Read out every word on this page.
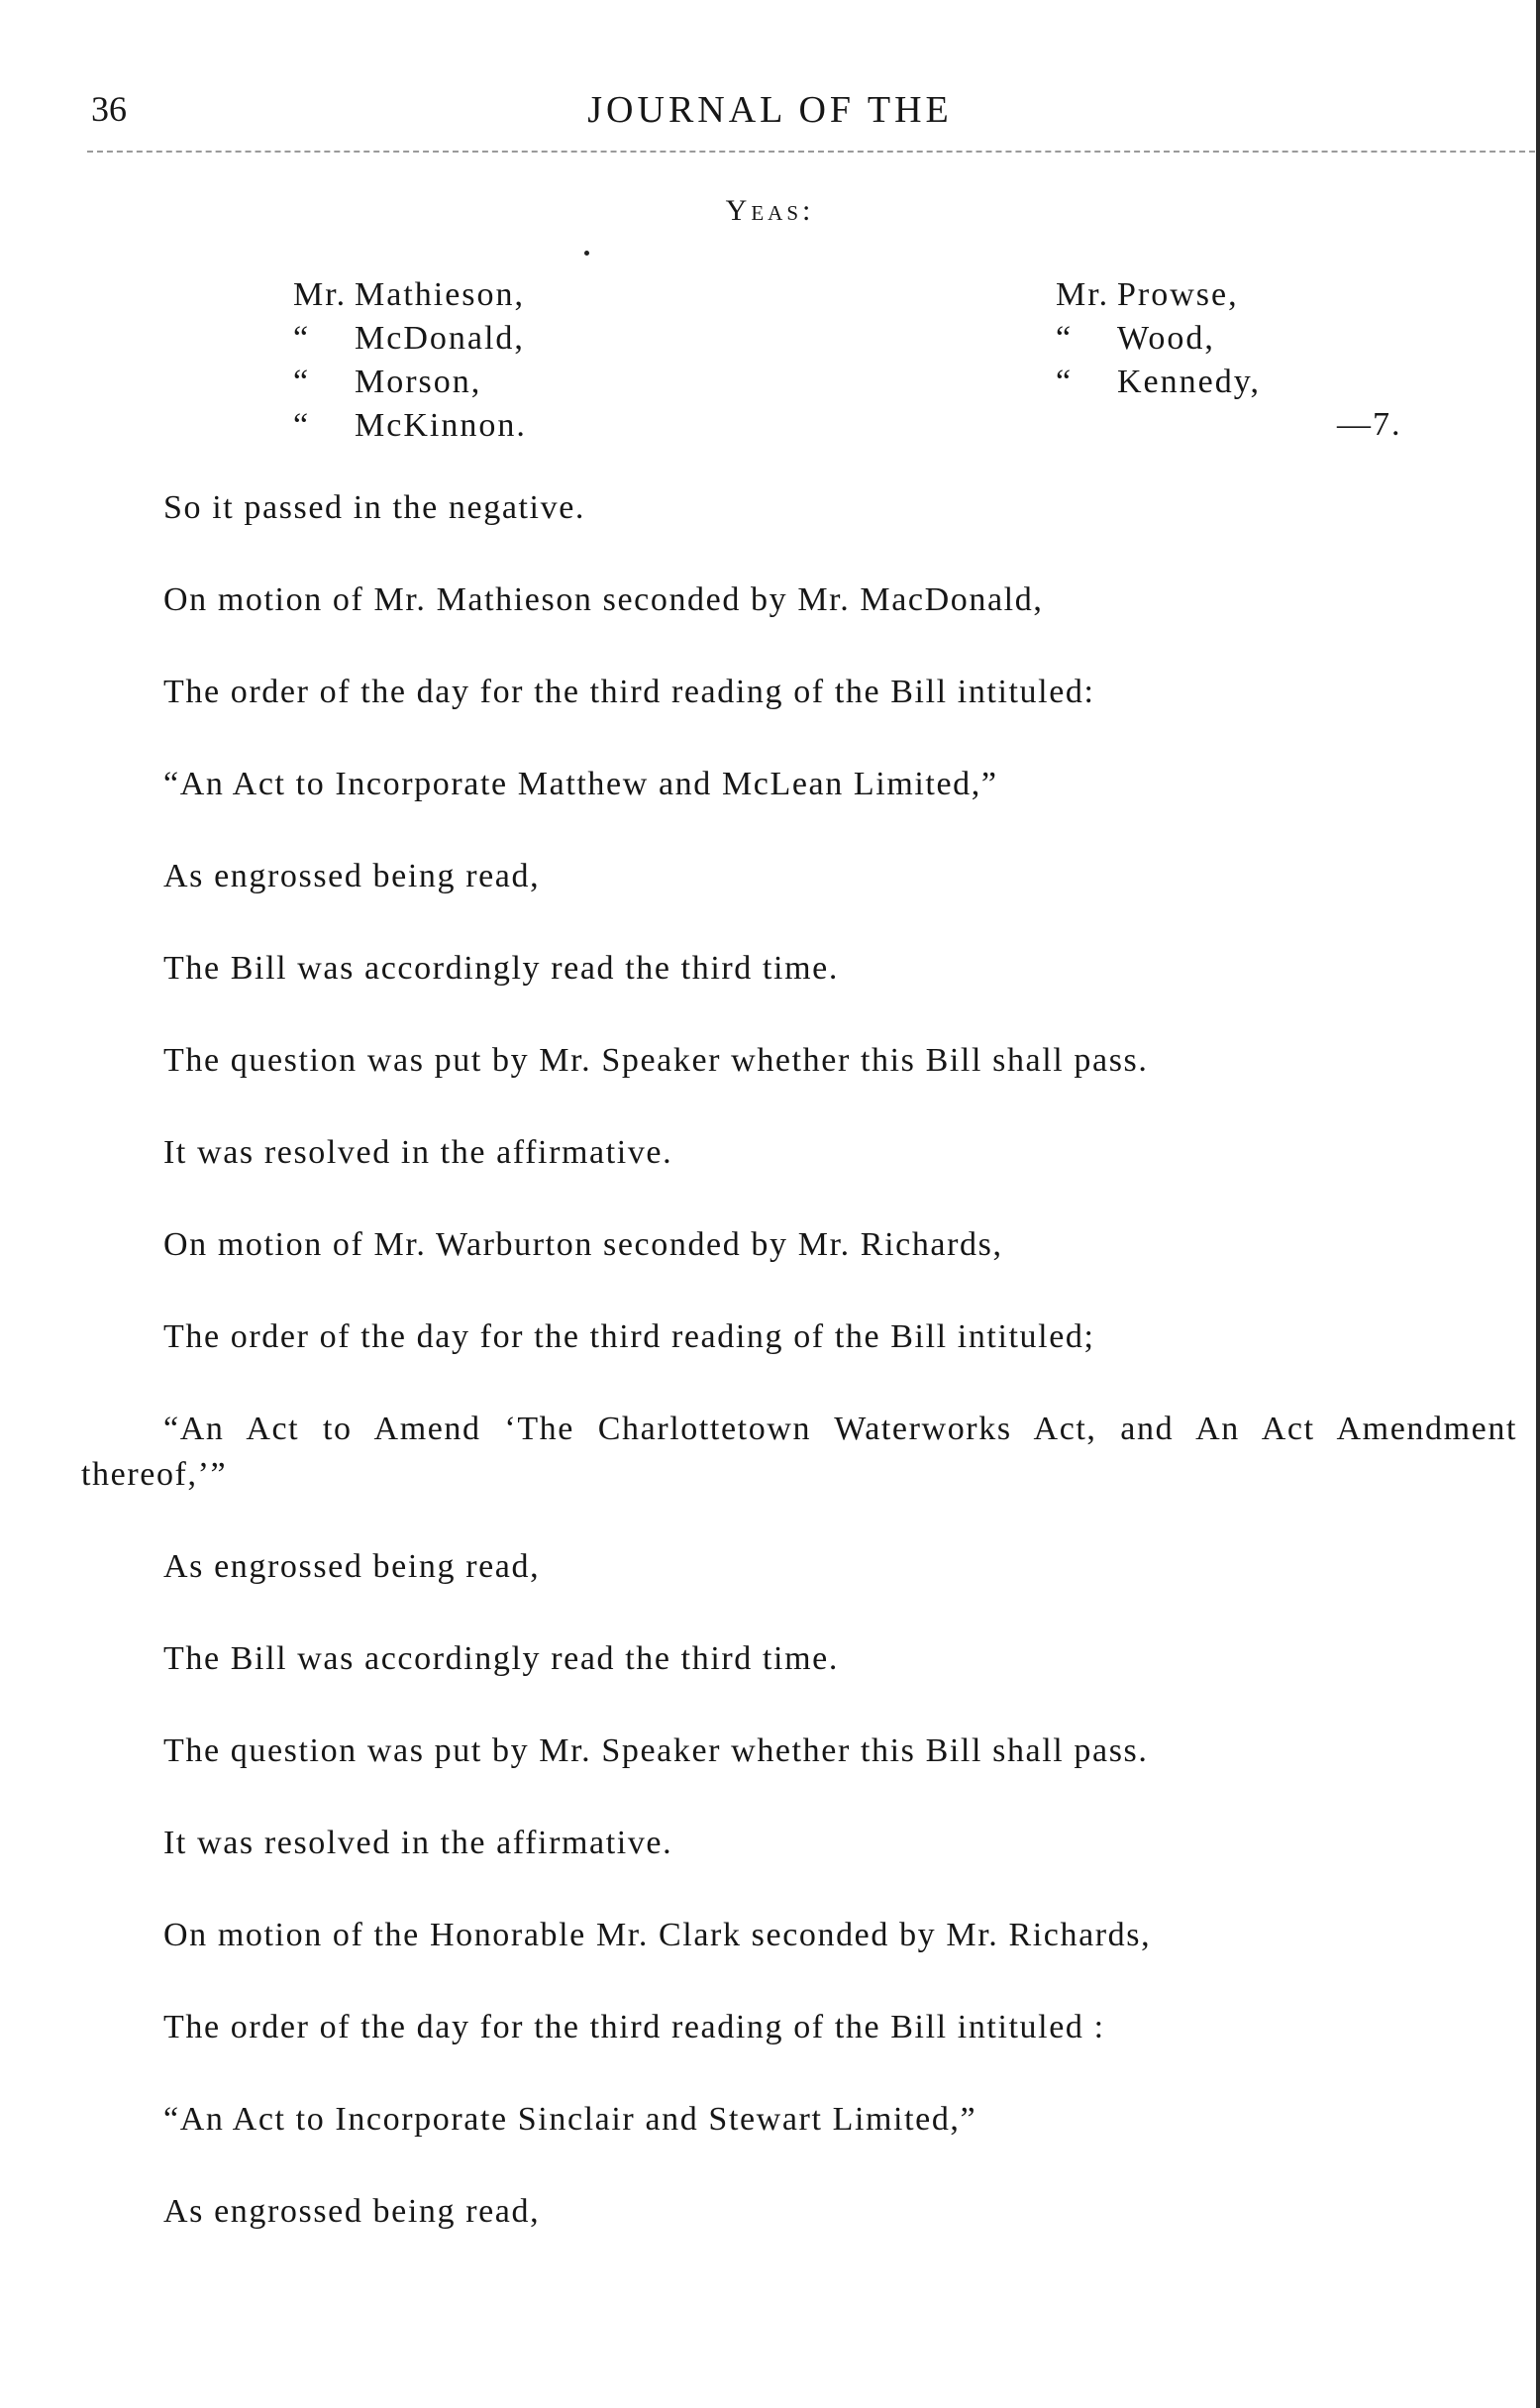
36	JOURNAL OF THE
Yeas:
Mr. Mathieson,
“ McDonald,
“ Morson,
“ McKinnon.
Mr. Prowse,
“ Wood,
“ Kennedy,
—7.

So it passed in the negative.

On motion of Mr. Mathieson seconded by Mr. MacDonald,

The order of the day for the third reading of the Bill intituled:

“An Act to Incorporate Matthew and McLean Limited,”

As engrossed being read,

The Bill was accordingly read the third time.

The question was put by Mr. Speaker whether this Bill shall pass.

It was resolved in the affirmative.

On motion of Mr. Warburton seconded by Mr. Richards,

The order of the day for the third reading of the Bill intituled;

“An Act to Amend ‘The Charlottetown Waterworks Act, and An Act Amendment thereof,’”

As engrossed being read,

The Bill was accordingly read the third time.

The question was put by Mr. Speaker whether this Bill shall pass.

It was resolved in the affirmative.

On motion of the Honorable Mr. Clark seconded by Mr. Richards,

The order of the day for the third reading of the Bill intituled :

“An Act to Incorporate Sinclair and Stewart Limited,”

As engrossed being read,
